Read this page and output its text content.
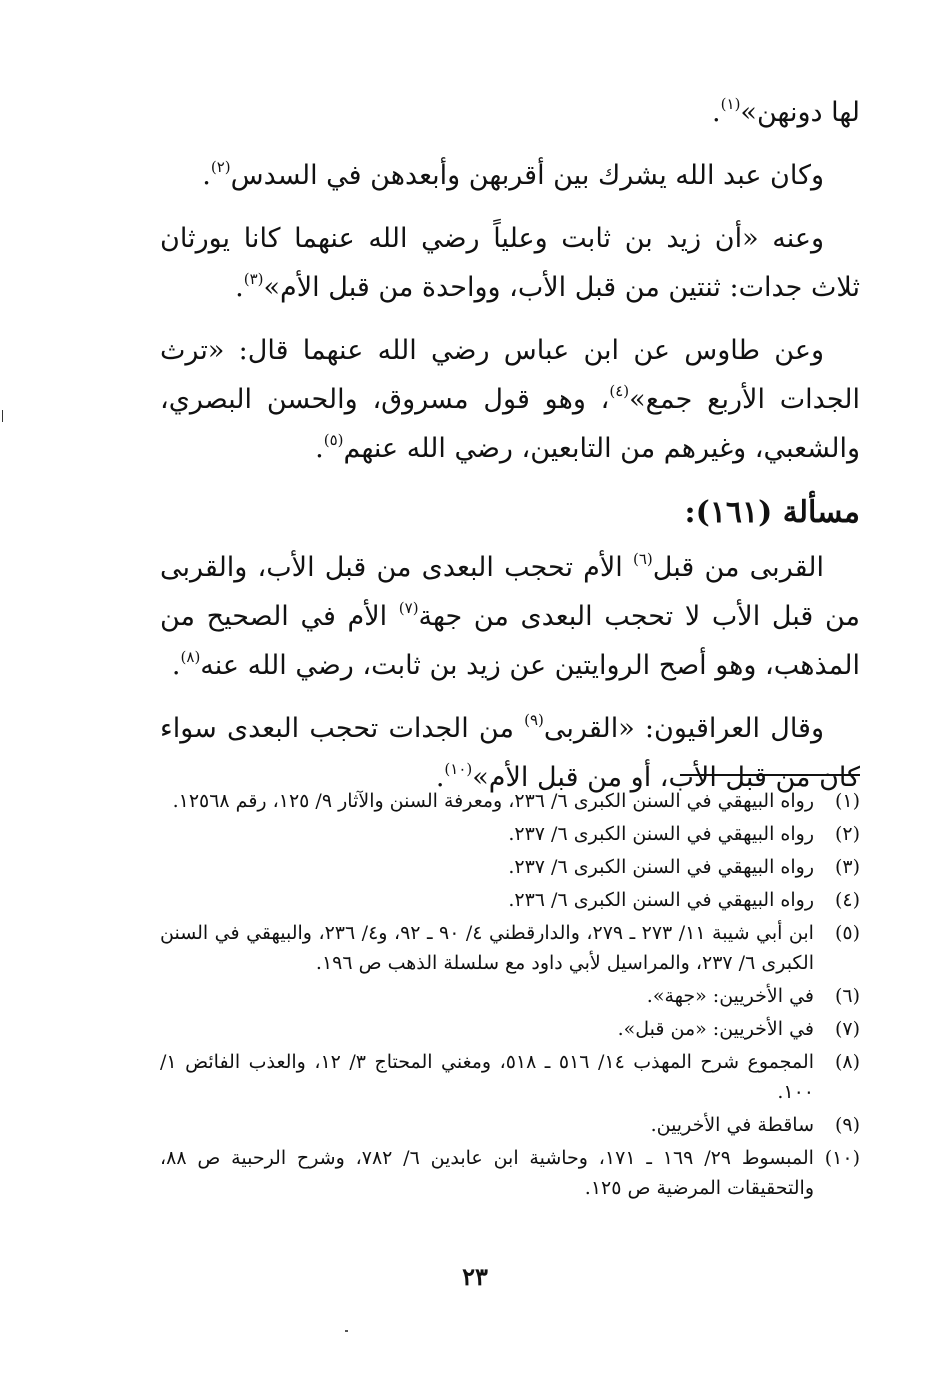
لها دونهن»$^{(١)}$.

وكان عبد الله يشرك بين أقربهن وأبعدهن في السدس$^{(٢)}$.

وعنه «أن زيد بن ثابت وعلياً رضي الله عنهما كانا يورثان ثلاث جدات: ثنتين من قبل الأب، وواحدة من قبل الأم»$^{(٣)}$.

وعن طاوس عن ابن عباس رضي الله عنهما قال: «ترث الجدات الأربع جمع»$^{(٤)}$، وهو قول مسروق، والحسن البصري، والشعبي، وغيرهم من التابعين، رضي الله عنهم$^{(٥)}$.

مسألة (١٦١):

القربى من قبل$^{(٦)}$ الأم تحجب البعدى من قبل الأب، والقربى من قبل الأب لا تحجب البعدى من جهة$^{(٧)}$ الأم في الصحيح من المذهب، وهو أصح الروايتين عن زيد بن ثابت، رضي الله عنه$^{(٨)}$.

وقال العراقيون: «القربى$^{(٩)}$ من الجدات تحجب البعدى سواء كان من قبل الأب، أو من قبل الأم»$^{(١٠)}$.

(١)
رواه البيهقي في السنن الكبرى ٦/ ٢٣٦، ومعرفة السنن والآثار ٩/ ١٢٥، رقم ١٢٥٦٨.
(٢)
رواه البيهقي في السنن الكبرى ٦/ ٢٣٧.
(٣)
رواه البيهقي في السنن الكبرى ٦/ ٢٣٧.
(٤)
رواه البيهقي في السنن الكبرى ٦/ ٢٣٦.
(٥)
ابن أبي شيبة ١١/ ٢٧٣ ـ ٢٧٩، والدارقطني ٤/ ٩٠ ـ ٩٢، و٤/ ٢٣٦، والبيهقي في السنن الكبرى ٦/ ٢٣٧، والمراسيل لأبي داود مع سلسلة الذهب ص ١٩٦.
(٦)
في الأخريين: «جهة».
(٧)
في الأخريين: «من قبل».
(٨)
المجموع شرح المهذب ١٤/ ٥١٦ ـ ٥١٨، ومغني المحتاج ٣/ ١٢، والعذب الفائض ١/ ١٠٠.
(٩)
ساقطة في الأخريين.
(١٠)
المبسوط ٢٩/ ١٦٩ ـ ١٧١، وحاشية ابن عابدين ٦/ ٧٨٢، وشرح الرحبية ص ٨٨، والتحقيقات المرضية ص ١٢٥.
٢٣
